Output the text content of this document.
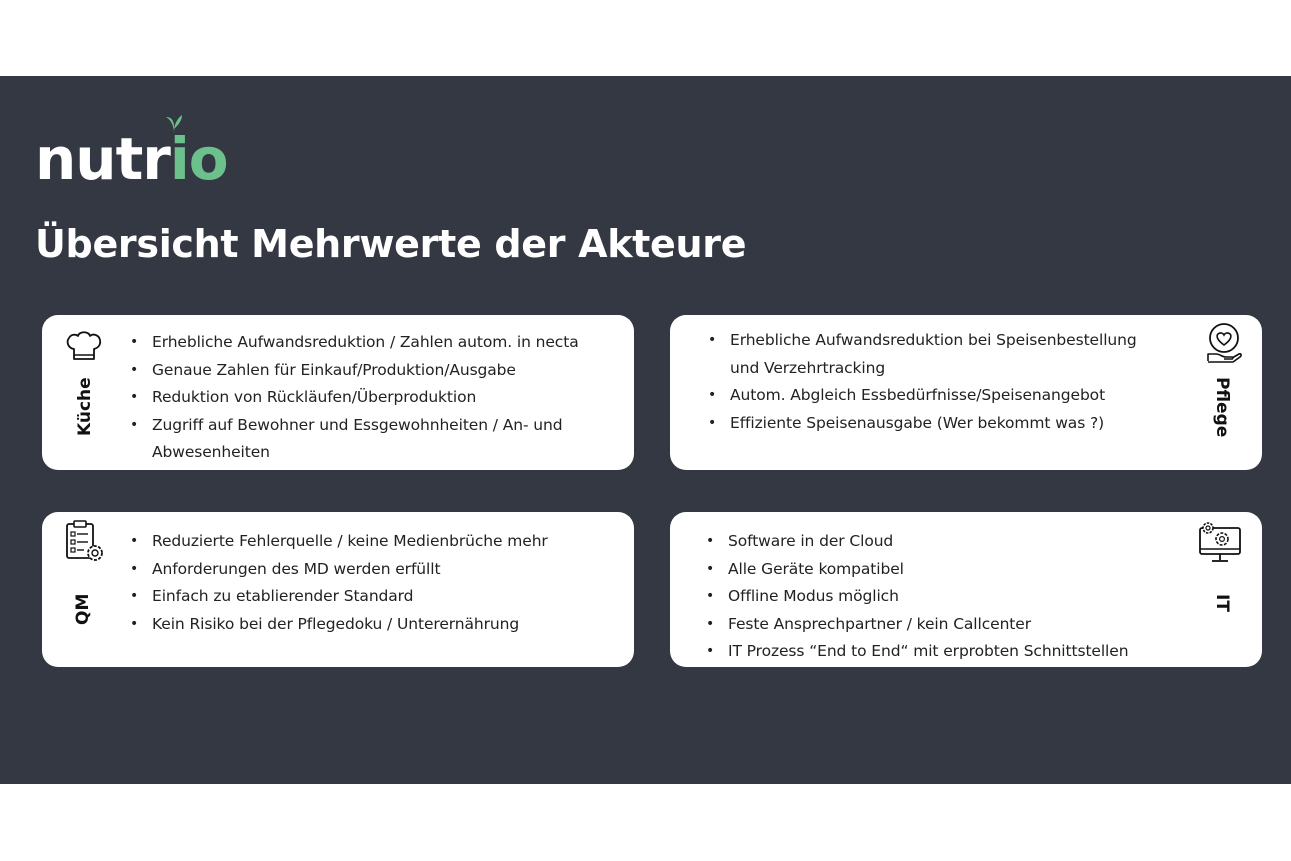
nutrio
Übersicht Mehrwerte der Akteure
Küche
• Erhebliche Aufwandsreduktion / Zahlen autom. in necta
• Genaue Zahlen für Einkauf/Produktion/Ausgabe
• Reduktion von Rückläufen/Überproduktion
• Zugriff auf Bewohner und Essgewohnheiten / An- und Abwesenheiten
• Erhebliche Aufwandsreduktion bei Speisenbestellung und Verzehrtracking
• Autom. Abgleich Essbedürfnisse/Speisenangebot
• Effiziente Speisenausgabe (Wer bekommt was ?)	Pflege
QM
• Reduzierte Fehlerquelle / keine Medienbrüche mehr
• Anforderungen des MD werden erfüllt
• Einfach zu etablierender Standard
• Kein Risiko bei der Pflegedoku / Unterernährung
• Software in der Cloud
• Alle Geräte kompatibel
• Offline Modus möglich
• Feste Ansprechpartner / kein Callcenter
• IT Prozess “End to End“ mit erprobten Schnittstellen
IT
